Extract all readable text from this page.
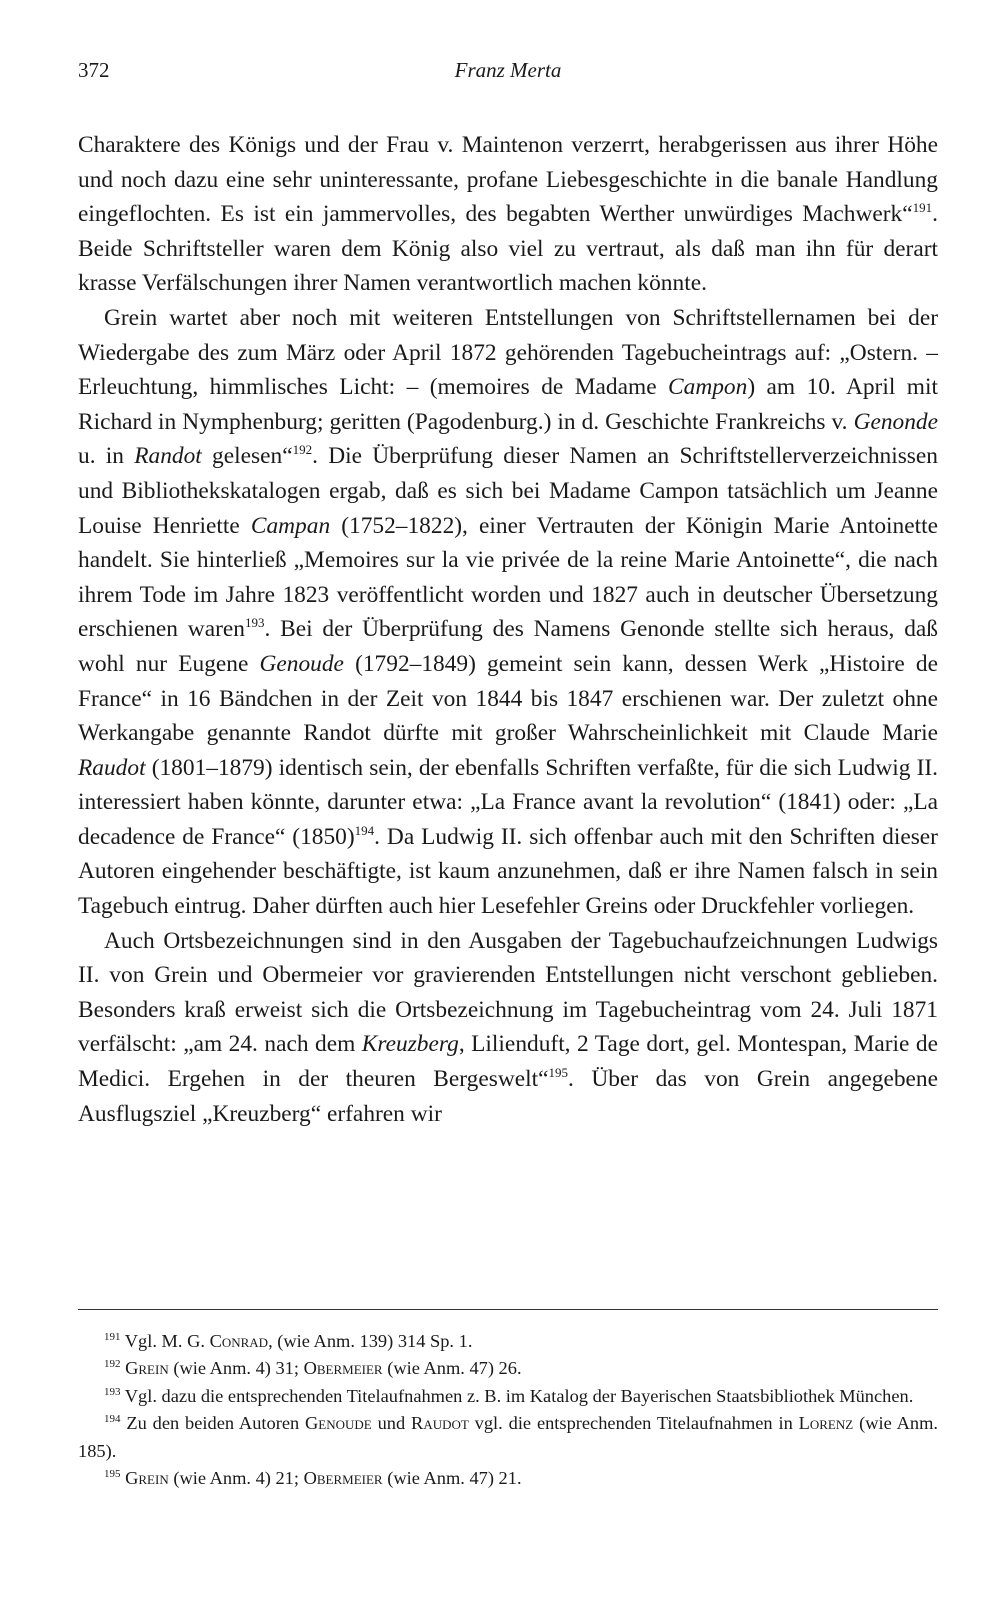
372	Franz Merta

Charaktere des Königs und der Frau v. Maintenon verzerrt, herabgerissen aus ihrer Höhe und noch dazu eine sehr uninteressante, profane Liebesgeschichte in die banale Handlung eingeflochten. Es ist ein jammervolles, des begabten Werther unwürdiges Machwerk“$^{191}$. Beide Schriftsteller waren dem König also viel zu vertraut, als daß man ihn für derart krasse Verfälschungen ihrer Namen verantwortlich machen könnte.

Grein wartet aber noch mit weiteren Entstellungen von Schriftstellernamen bei der Wiedergabe des zum März oder April 1872 gehörenden Tagebucheintrags auf: „Ostern. – Erleuchtung, himmlisches Licht: – (memoires de Madame Campon) am 10. April mit Richard in Nymphenburg; geritten (Pagodenburg.) in d. Geschichte Frankreichs v. Genonde u. in Randot gelesen“$^{192}$. Die Überprüfung dieser Namen an Schriftstellerverzeichnissen und Bibliothekskatalogen ergab, daß es sich bei Madame Campon tatsächlich um Jeanne Louise Henriette Campan (1752–1822), einer Vertrauten der Königin Marie Antoinette handelt. Sie hinterließ „Memoires sur la vie privée de la reine Marie Antoinette“, die nach ihrem Tode im Jahre 1823 veröffentlicht worden und 1827 auch in deutscher Übersetzung erschienen waren$^{193}$. Bei der Überprüfung des Namens Genonde stellte sich heraus, daß wohl nur Eugene Genoude (1792–1849) gemeint sein kann, dessen Werk „Histoire de France“ in 16 Bändchen in der Zeit von 1844 bis 1847 erschienen war. Der zuletzt ohne Werkangabe genannte Randot dürfte mit großer Wahrscheinlichkeit mit Claude Marie Raudot (1801–1879) identisch sein, der ebenfalls Schriften verfaßte, für die sich Ludwig II. interessiert haben könnte, darunter etwa: „La France avant la revolution“ (1841) oder: „La decadence de France“ $(1850)^{194}$. Da Ludwig II. sich offenbar auch mit den Schriften dieser Autoren eingehender beschäftigte, ist kaum anzunehmen, daß er ihre Namen falsch in sein Tagebuch eintrug. Daher dürften auch hier Lesefehler Greins oder Druckfehler vorliegen.

Auch Ortsbezeichnungen sind in den Ausgaben der Tagebuchaufzeichnungen Ludwigs II. von Grein und Obermeier vor gravierenden Entstellungen nicht verschont geblieben. Besonders kraß erweist sich die Ortsbezeichnung im Tagebucheintrag vom 24. Juli 1871 verfälscht: „am 24. nach dem Kreuzberg, Lilienduft, 2 Tage dort, gel. Montespan, Marie de Medici. Ergehen in der theuren Bergeswelt“$^{195}$. Über das von Grein angegebene Ausflugsziel „Kreuzberg“ erfahren wir

$^{191}$ Vgl. M. G. Conrad, (wie Anm. 139) 314 Sp. 1.

$^{192}$ Grein (wie Anm. 4) 31; Obermeier (wie Anm. 47) 26.

$^{193}$ Vgl. dazu die entsprechenden Titelaufnahmen z. B. im Katalog der Bayerischen Staatsbibliothek München.

$^{194}$ Zu den beiden Autoren Genoude und Raudot vgl. die entsprechenden Titelaufnahmen in Lorenz (wie Anm. 185).

$^{195}$ Grein (wie Anm. 4) 21; Obermeier (wie Anm. 47) 21.
